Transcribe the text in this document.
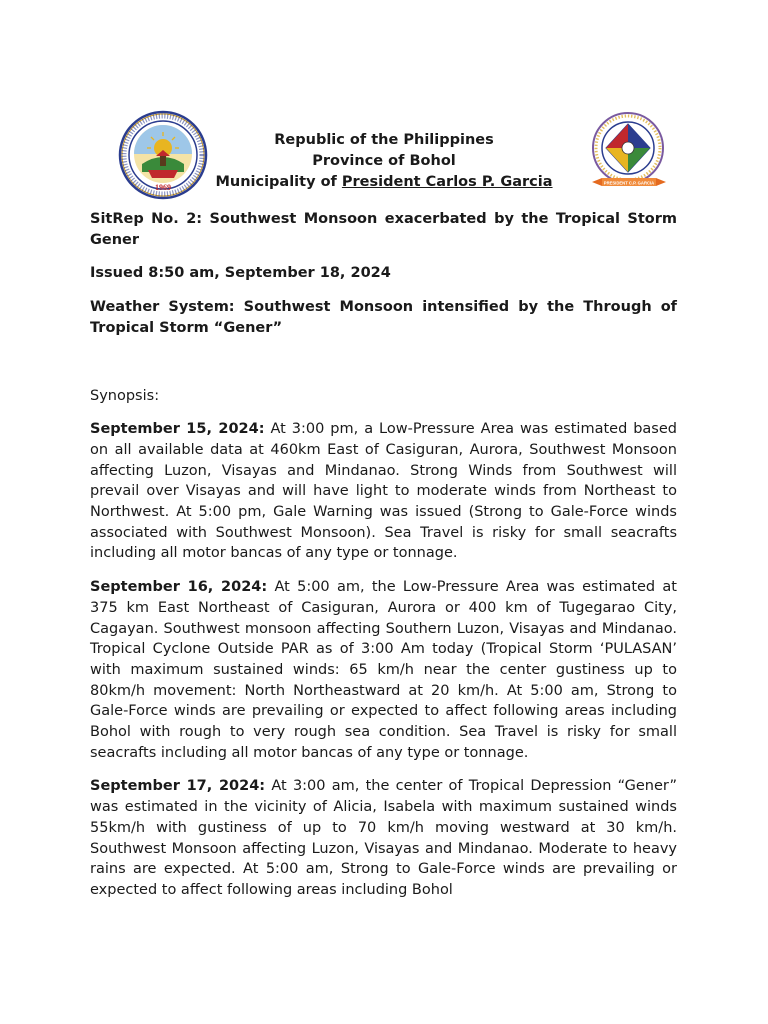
1969
Republic of the Philippines
Province of Bohol
Municipality of President Carlos P. Garcia	PRESIDENT C.P. GARCIA

SitRep No. 2: Southwest Monsoon exacerbated by the Tropical Storm Gener

Issued 8:50 am, September 18, 2024

Weather System: Southwest Monsoon intensified by the Through of Tropical Storm “Gener”

Synopsis:

September 15, 2024: At 3:00 pm, a Low-Pressure Area was estimated based on all available data at 460km East of Casiguran, Aurora, Southwest Monsoon affecting Luzon, Visayas and Mindanao. Strong Winds from Southwest will prevail over Visayas and will have light to moderate winds from Northeast to Northwest. At 5:00 pm, Gale Warning was issued (Strong to Gale-Force winds associated with Southwest Monsoon). Sea Travel is risky for small seacrafts including all motor bancas of any type or tonnage.

September 16, 2024: At 5:00 am, the Low-Pressure Area was estimated at 375 km East Northeast of Casiguran, Aurora or 400 km of Tugegarao City, Cagayan. Southwest monsoon affecting Southern Luzon, Visayas and Mindanao. Tropical Cyclone Outside PAR as of 3:00 Am today (Tropical Storm ‘PULASAN’ with maximum sustained winds: 65 km/h near the center gustiness up to 80km/h movement: North Northeastward at 20 km/h. At 5:00 am, Strong to Gale-Force winds are prevailing or expected to affect following areas including Bohol with rough to very rough sea condition. Sea Travel is risky for small seacrafts including all motor bancas of any type or tonnage.

September 17, 2024: At 3:00 am, the center of Tropical Depression “Gener” was estimated in the vicinity of Alicia, Isabela with maximum sustained winds 55km/h with gustiness of up to 70 km/h moving westward at 30 km/h. Southwest Monsoon affecting Luzon, Visayas and Mindanao. Moderate to heavy rains are expected. At 5:00 am, Strong to Gale-Force winds are prevailing or expected to affect following areas including Bohol
